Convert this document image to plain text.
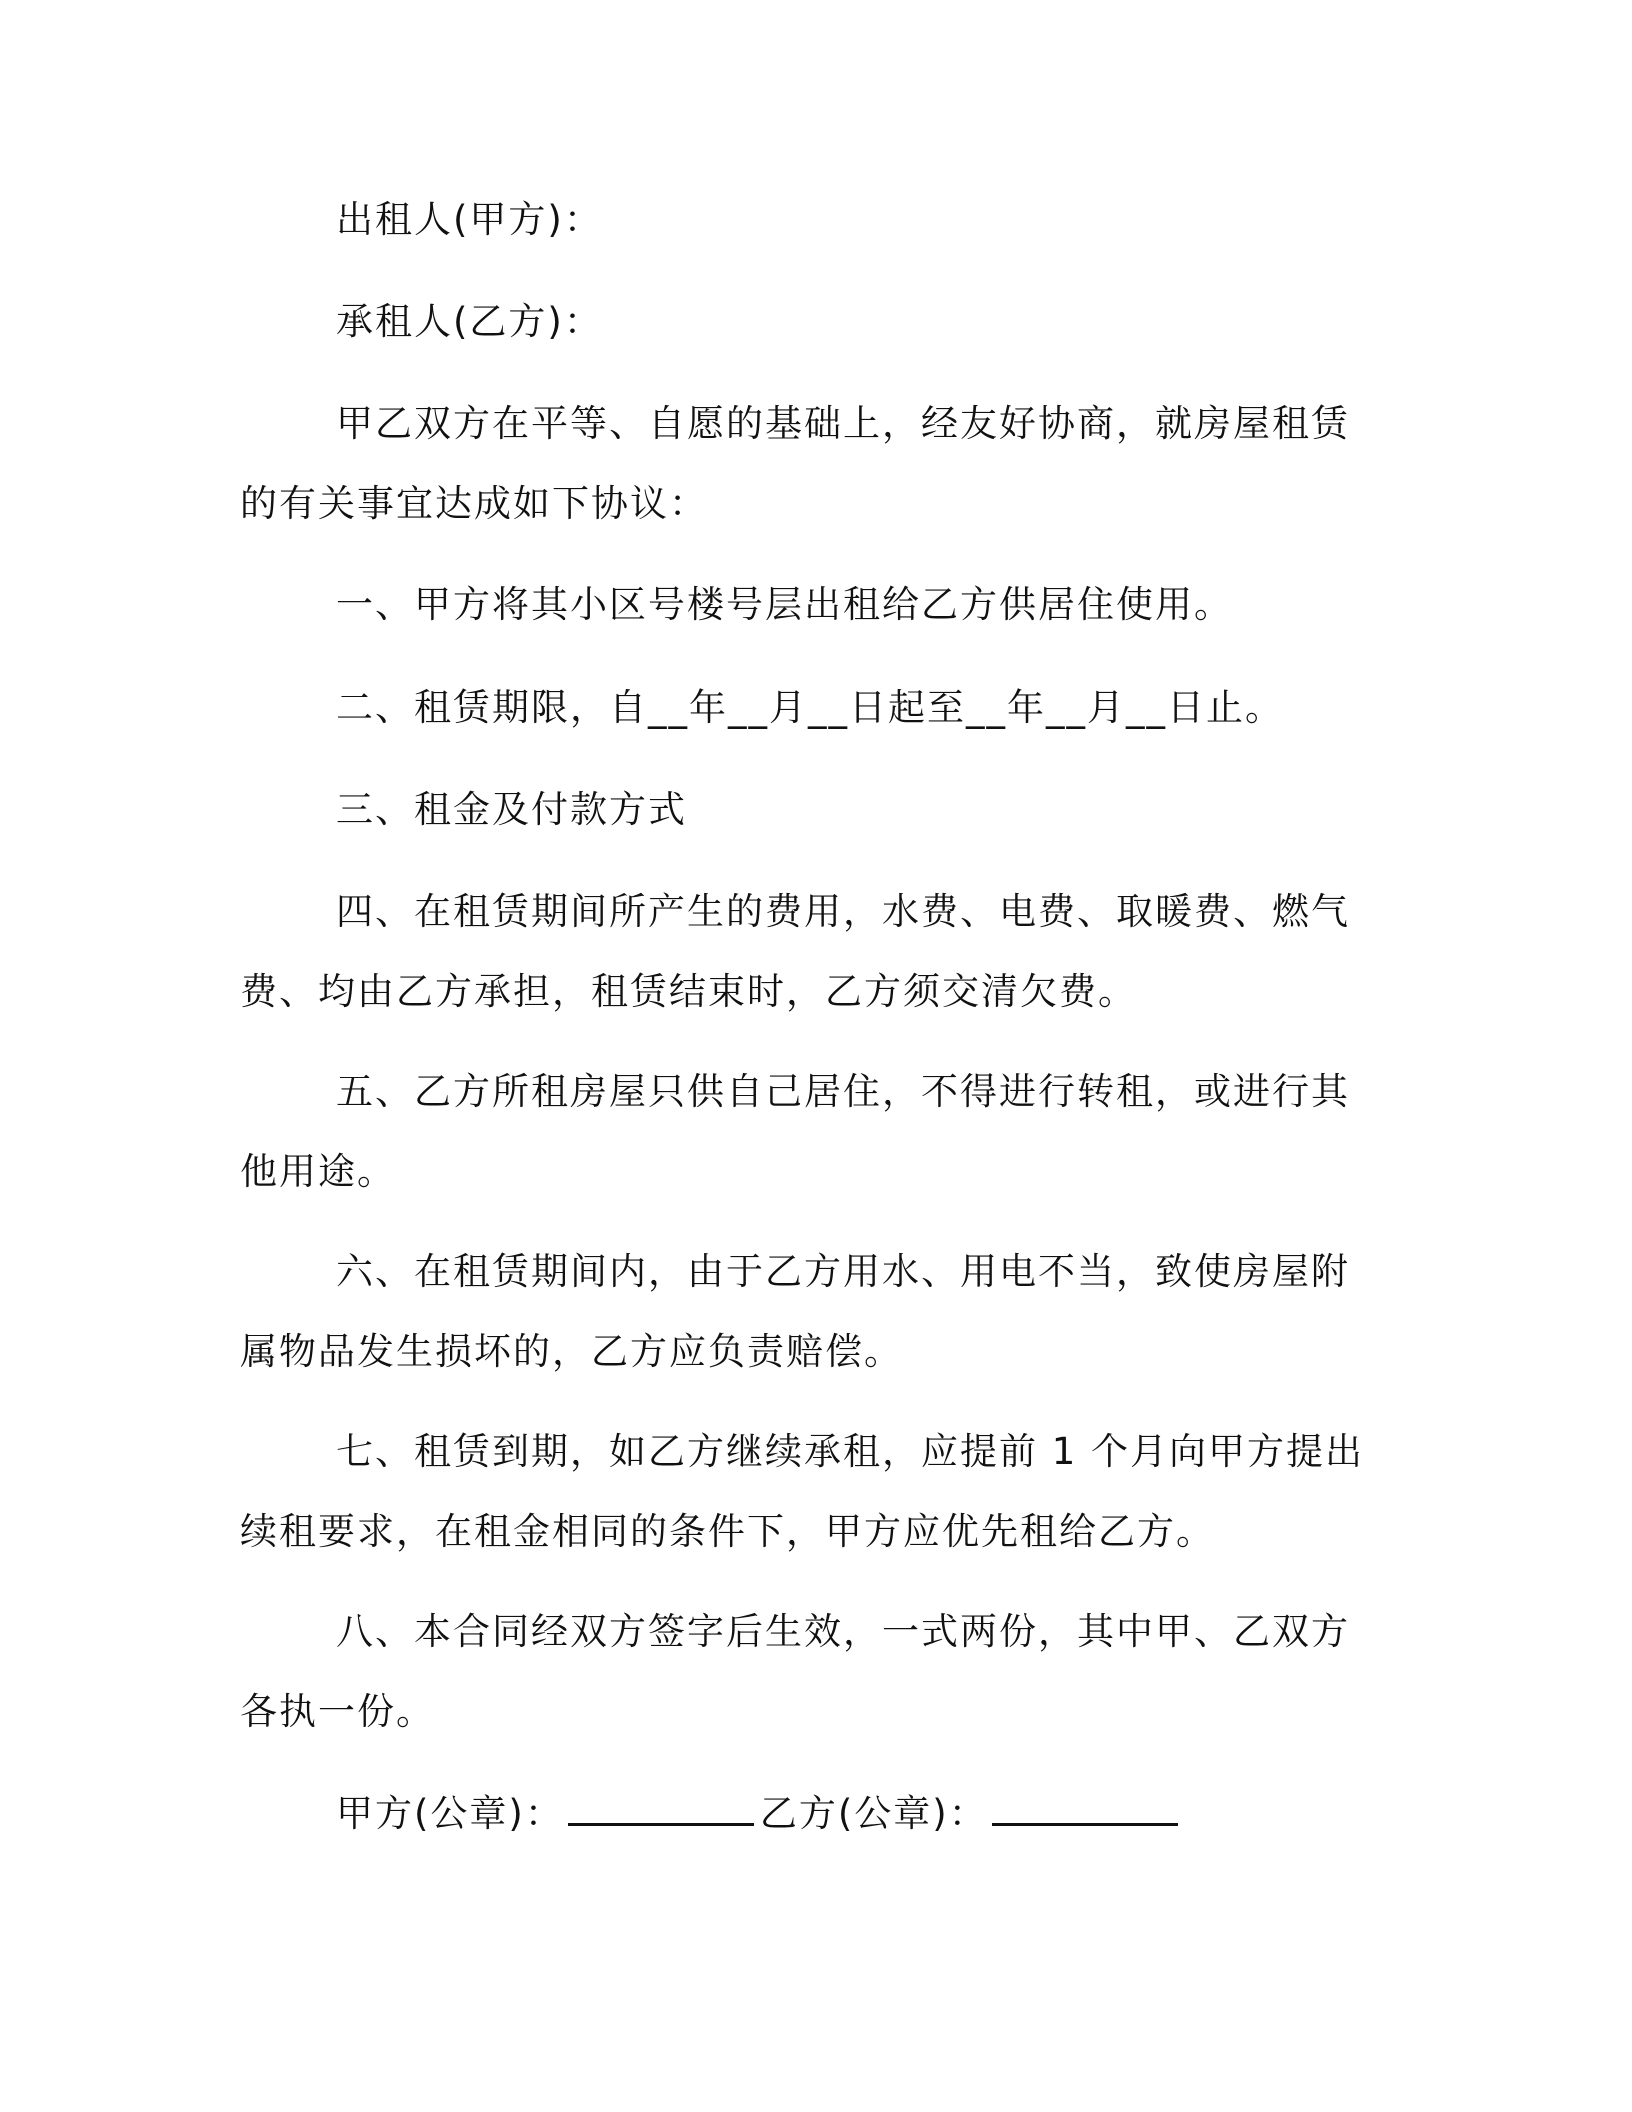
出租人(甲方)：
承租人(乙方)：
甲乙双方在平等、自愿的基础上，经友好协商，就房屋租赁的有关事宜达成如下协议：
一、甲方将其小区号楼号层出租给乙方供居住使用。
二、租赁期限，自__年__月__日起至__年__月__日止。
三、租金及付款方式
四、在租赁期间所产生的费用，水费、电费、取暖费、燃气费、均由乙方承担，租赁结束时，乙方须交清欠费。
五、乙方所租房屋只供自己居住，不得进行转租，或进行其他用途。
六、在租赁期间内，由于乙方用水、用电不当，致使房屋附属物品发生损坏的，乙方应负责赔偿。
七、租赁到期，如乙方继续承租，应提前 1 个月向甲方提出续租要求，在租金相同的条件下，甲方应优先租给乙方。
八、本合同经双方签字后生效，一式两份，其中甲、乙双方各执一份。
甲方(公章)：	乙方(公章)：
